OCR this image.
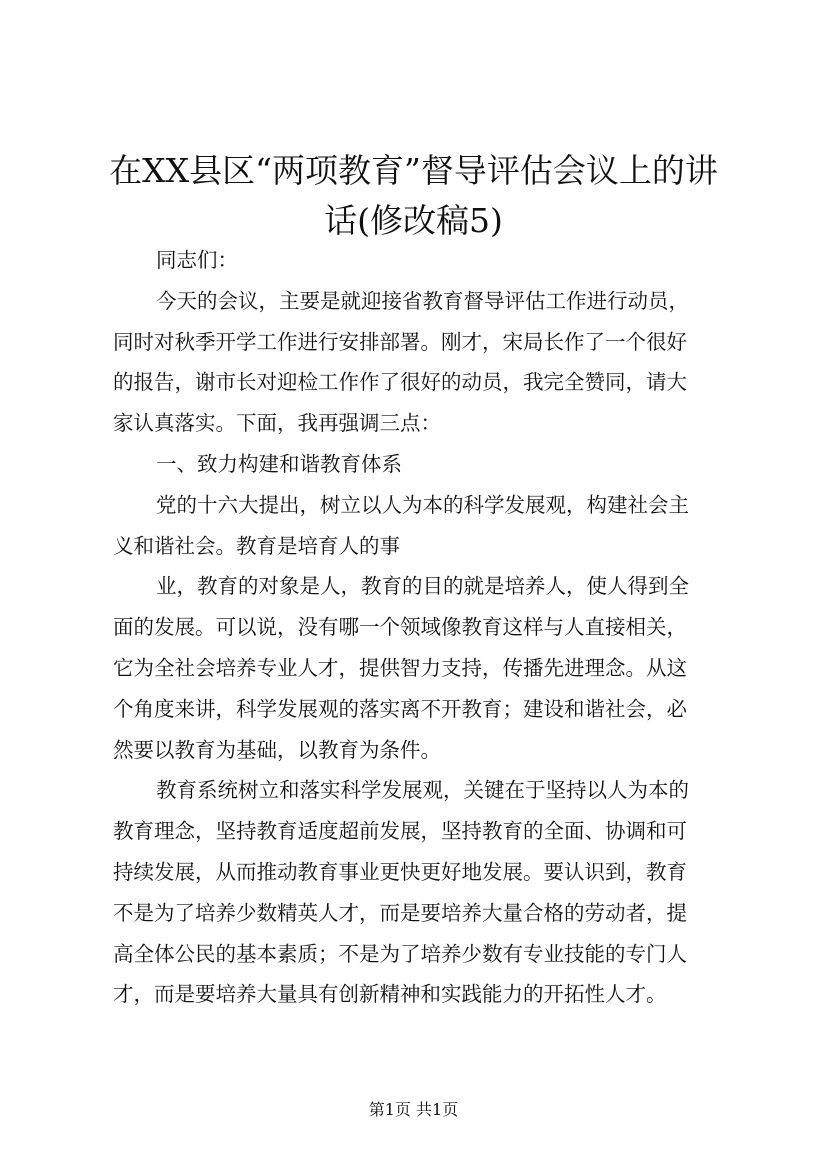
在XX县区“两项教育”督导评估会议上的讲
话(修改稿5)
同志们：
今天的会议，主要是就迎接省教育督导评估工作进行动员，
同时对秋季开学工作进行安排部署。刚才，宋局长作了一个很好
的报告，谢市长对迎检工作作了很好的动员，我完全赞同，请大
家认真落实。下面，我再强调三点：
一、致力构建和谐教育体系
党的十六大提出，树立以人为本的科学发展观，构建社会主
义和谐社会。教育是培育人的事
业，教育的对象是人，教育的目的就是培养人，使人得到全
面的发展。可以说，没有哪一个领域像教育这样与人直接相关，
它为全社会培养专业人才，提供智力支持，传播先进理念。从这
个角度来讲，科学发展观的落实离不开教育；建设和谐社会，必
然要以教育为基础，以教育为条件。
教育系统树立和落实科学发展观，关键在于坚持以人为本的
教育理念，坚持教育适度超前发展，坚持教育的全面、协调和可
持续发展，从而推动教育事业更快更好地发展。要认识到，教育
不是为了培养少数精英人才，而是要培养大量合格的劳动者，提
高全体公民的基本素质；不是为了培养少数有专业技能的专门人
才，而是要培养大量具有创新精神和实践能力的开拓性人才。
第1页 共1页
